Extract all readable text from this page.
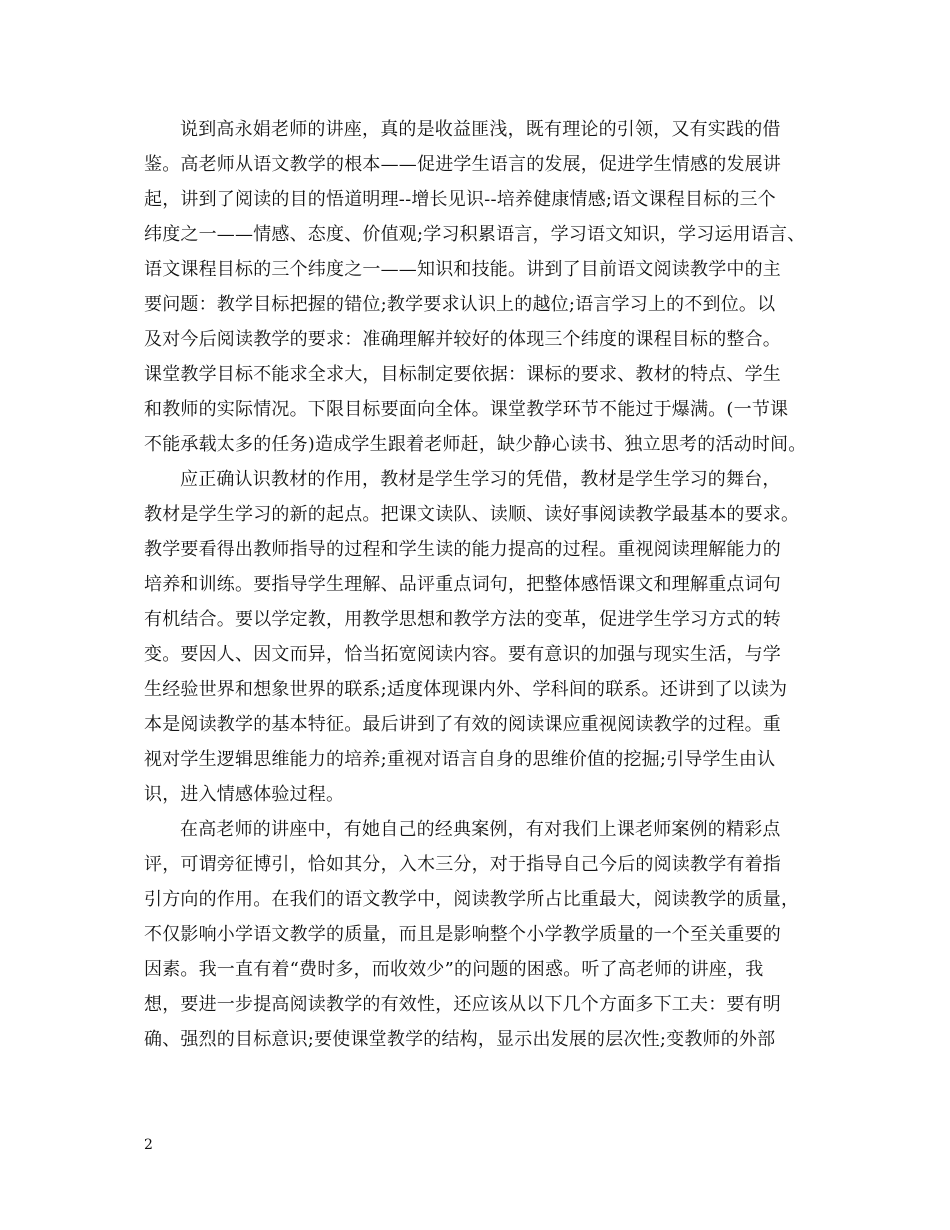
说到高永娟老师的讲座，真的是收益匪浅，既有理论的引领，又有实践的借
鉴。高老师从语文教学的根本——促进学生语言的发展，促进学生情感的发展讲
起，讲到了阅读的目的悟道明理--增长见识--培养健康情感;语文课程目标的三个
纬度之一——情感、态度、价值观;学习积累语言，学习语文知识，学习运用语言、
语文课程目标的三个纬度之一——知识和技能。讲到了目前语文阅读教学中的主
要问题：教学目标把握的错位;教学要求认识上的越位;语言学习上的不到位。以
及对今后阅读教学的要求：准确理解并较好的体现三个纬度的课程目标的整合。
课堂教学目标不能求全求大，目标制定要依据：课标的要求、教材的特点、学生
和教师的实际情况。下限目标要面向全体。课堂教学环节不能过于爆满。(一节课
不能承载太多的任务)造成学生跟着老师赶，缺少静心读书、独立思考的活动时间。
应正确认识教材的作用，教材是学生学习的凭借，教材是学生学习的舞台，
教材是学生学习的新的起点。把课文读队、读顺、读好事阅读教学最基本的要求。
教学要看得出教师指导的过程和学生读的能力提高的过程。重视阅读理解能力的
培养和训练。要指导学生理解、品评重点词句，把整体感悟课文和理解重点词句
有机结合。要以学定教，用教学思想和教学方法的变革，促进学生学习方式的转
变。要因人、因文而异，恰当拓宽阅读内容。要有意识的加强与现实生活，与学
生经验世界和想象世界的联系;适度体现课内外、学科间的联系。还讲到了以读为
本是阅读教学的基本特征。最后讲到了有效的阅读课应重视阅读教学的过程。重
视对学生逻辑思维能力的培养;重视对语言自身的思维价值的挖掘;引导学生由认
识，进入情感体验过程。
在高老师的讲座中，有她自己的经典案例，有对我们上课老师案例的精彩点
评，可谓旁征博引，恰如其分，入木三分，对于指导自己今后的阅读教学有着指
引方向的作用。在我们的语文教学中，阅读教学所占比重最大，阅读教学的质量，
不仅影响小学语文教学的质量，而且是影响整个小学教学质量的一个至关重要的
因素。我一直有着“费时多，而收效少”的问题的困惑。听了高老师的讲座，我
想，要进一步提高阅读教学的有效性，还应该从以下几个方面多下工夫：要有明
确、强烈的目标意识;要使课堂教学的结构，显示出发展的层次性;变教师的外部
2
